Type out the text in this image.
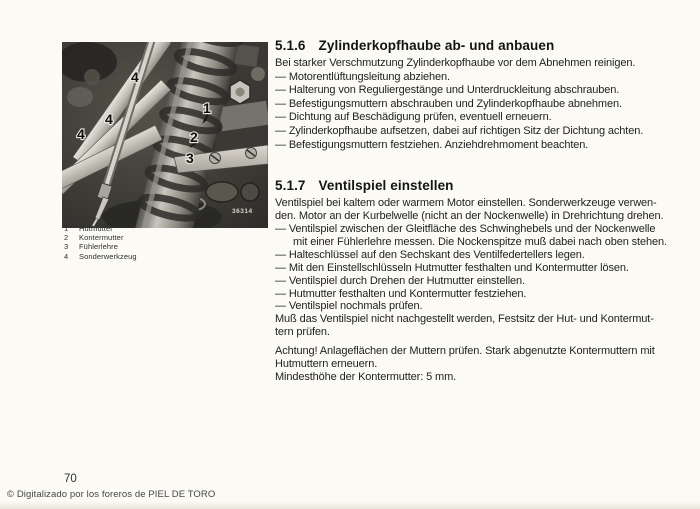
4
4
4
1
2
3
36314
1	Hutmutter
2	Kontermutter
3	Fühlerlehre
4	Sonderwerkzeug
5.1.6 Zylinderkopfhaube ab- und anbauen
Bei starker Verschmutzung Zylinderkopfhaube vor dem Abnehmen reinigen.
— Motorentlüftungsleitung abziehen.
— Halterung von Reguliergestänge und Unterdruckleitung abschrauben.
— Befestigungsmuttern abschrauben und Zylinderkopfhaube abnehmen.
— Dichtung auf Beschädigung prüfen, eventuell erneuern.
— Zylinderkopfhaube aufsetzen, dabei auf richtigen Sitz der Dichtung achten.
— Befestigungsmuttern festziehen. Anziehdrehmoment beachten.
5.1.7 Ventilspiel einstellen
Ventilspiel bei kaltem oder warmem Motor einstellen. Sonderwerkzeuge verwen-
den. Motor an der Kurbelwelle (nicht an der Nockenwelle) in Drehrichtung drehen.
— Ventilspiel zwischen der Gleitfläche des Schwinghebels und der Nockenwelle
mit einer Fühlerlehre messen. Die Nockenspitze muß dabei nach oben stehen.
— Halteschlüssel auf den Sechskant des Ventilfedertellers legen.
— Mit den Einstellschlüsseln Hutmutter festhalten und Kontermutter lösen.
— Ventilspiel durch Drehen der Hutmutter einstellen.
— Hutmutter festhalten und Kontermutter festziehen.
— Ventilspiel nochmals prüfen.
Muß das Ventilspiel nicht nachgestellt werden, Festsitz der Hut- und Kontermut-
tern prüfen.
Achtung! Anlageflächen der Muttern prüfen. Stark abgenutzte Kontermuttern mit
Hutmuttern erneuern.
Mindesthöhe der Kontermutter: 5 mm.
70
© Digitalizado por los foreros de PIEL DE TORO
